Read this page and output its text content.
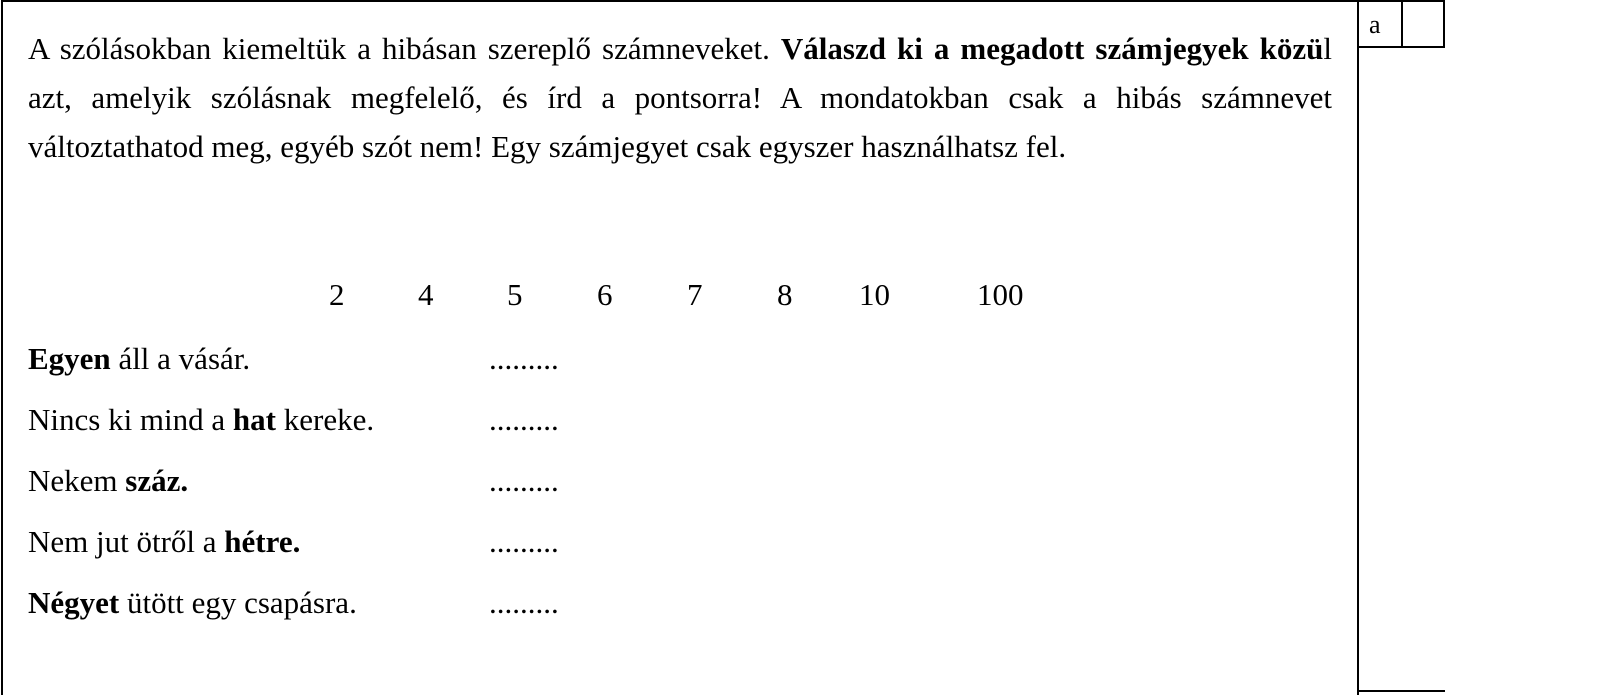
a
A szólásokban kiemeltük a hibásan szereplő számneveket. Válaszd ki a megadott számjegyek közül azt, amelyik szólásnak megfelelő, és írd a pontsorra! A mondatokban csak a hibás számnevet változtathatod meg, egyéb szót nem! Egy számjegyet csak egyszer használhatsz fel.
2 4 5 6 7 8 10	100
Egyen áll a vásár.	.........
Nincs ki mind a hat kereke.	.........
Nekem száz.	.........
Nem jut ötről a hétre.	.........
Négyet ütött egy csapásra.	.........
